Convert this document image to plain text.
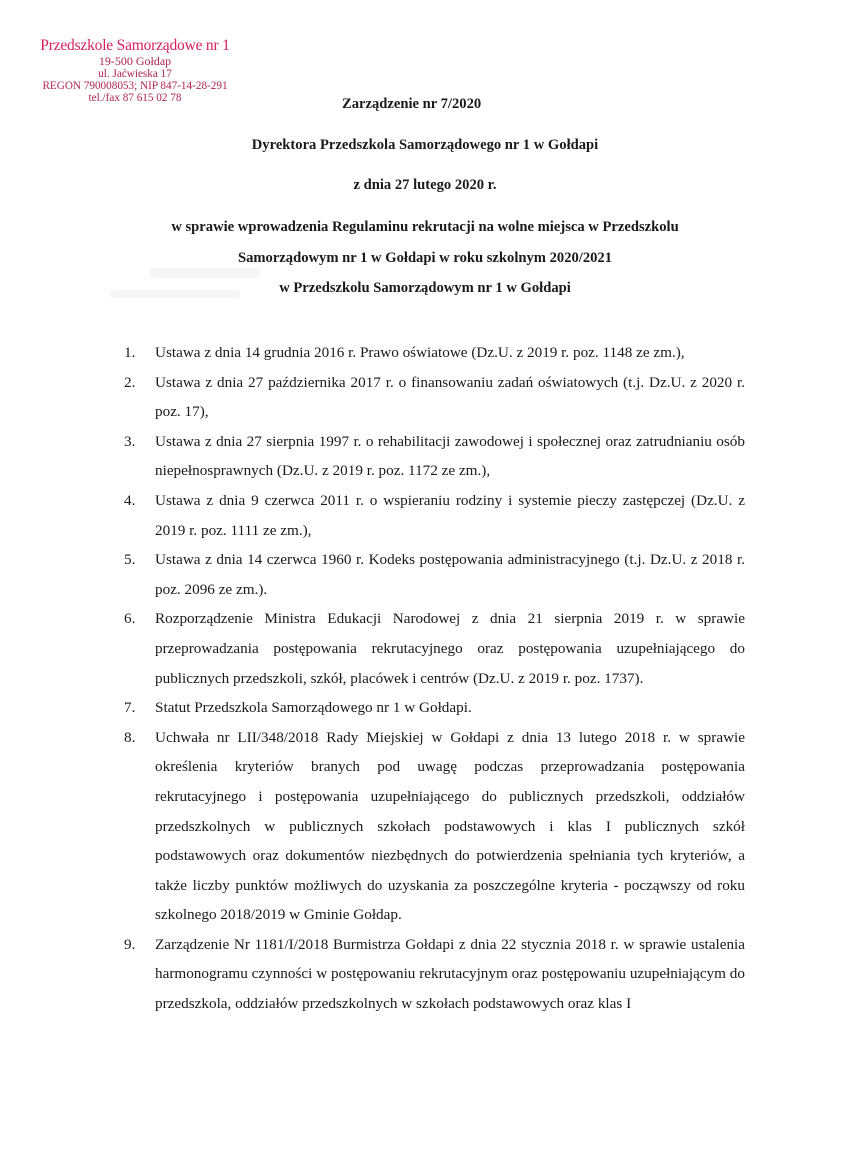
Przedszkole Samorządowe nr 1
19-500 Gołdap
ul. Jaćwieska 17
REGON 790008053; NIP 847-14-28-291
tel./fax 87 615 02 78	Zarządzenie nr 7/2020
Dyrektora Przedszkola Samorządowego nr 1 w Gołdapi
z dnia 27 lutego 2020 r.
w sprawie wprowadzenia Regulaminu rekrutacji na wolne miejsca w Przedszkolu
Samorządowym nr 1 w Gołdapi w roku szkolnym 2020/2021
w Przedszkolu Samorządowym nr 1 w Gołdapi
1. Ustawa z dnia 14 grudnia 2016 r. Prawo oświatowe (Dz.U. z 2019 r. poz. 1148 ze zm.),
2. Ustawa z dnia 27 października 2017 r. o finansowaniu zadań oświatowych (t.j. Dz.U. z 2020 r. poz. 17),
3. Ustawa z dnia 27 sierpnia 1997 r. o rehabilitacji zawodowej i społecznej oraz zatrudnianiu osób niepełnosprawnych (Dz.U. z 2019 r. poz. 1172 ze zm.),
4. Ustawa z dnia 9 czerwca 2011 r. o wspieraniu rodziny i systemie pieczy zastępczej (Dz.U. z 2019 r. poz. 1111 ze zm.),
5. Ustawa z dnia 14 czerwca 1960 r. Kodeks postępowania administracyjnego (t.j. Dz.U. z 2018 r. poz. 2096 ze zm.).
6. Rozporządzenie Ministra Edukacji Narodowej z dnia 21 sierpnia 2019 r. w sprawie przeprowadzania postępowania rekrutacyjnego oraz postępowania uzupełniającego do publicznych przedszkoli, szkół, placówek i centrów (Dz.U. z 2019 r. poz. 1737).
7. Statut Przedszkola Samorządowego nr 1 w Gołdapi.
8. Uchwała nr LII/348/2018 Rady Miejskiej w Gołdapi z dnia 13 lutego 2018 r. w sprawie określenia kryteriów branych pod uwagę podczas przeprowadzania postępowania rekrutacyjnego i postępowania uzupełniającego do publicznych przedszkoli, oddziałów przedszkolnych w publicznych szkołach podstawowych i klas I publicznych szkół podstawowych oraz dokumentów niezbędnych do potwierdzenia spełniania tych kryteriów, a także liczby punktów możliwych do uzyskania za poszczególne kryteria - począwszy od roku szkolnego 2018/2019 w Gminie Gołdap.
9. Zarządzenie Nr 1181/I/2018 Burmistrza Gołdapi z dnia 22 stycznia 2018 r. w sprawie ustalenia harmonogramu czynności w postępowaniu rekrutacyjnym oraz postępowaniu uzupełniającym do przedszkola, oddziałów przedszkolnych w szkołach podstawowych oraz klas I
